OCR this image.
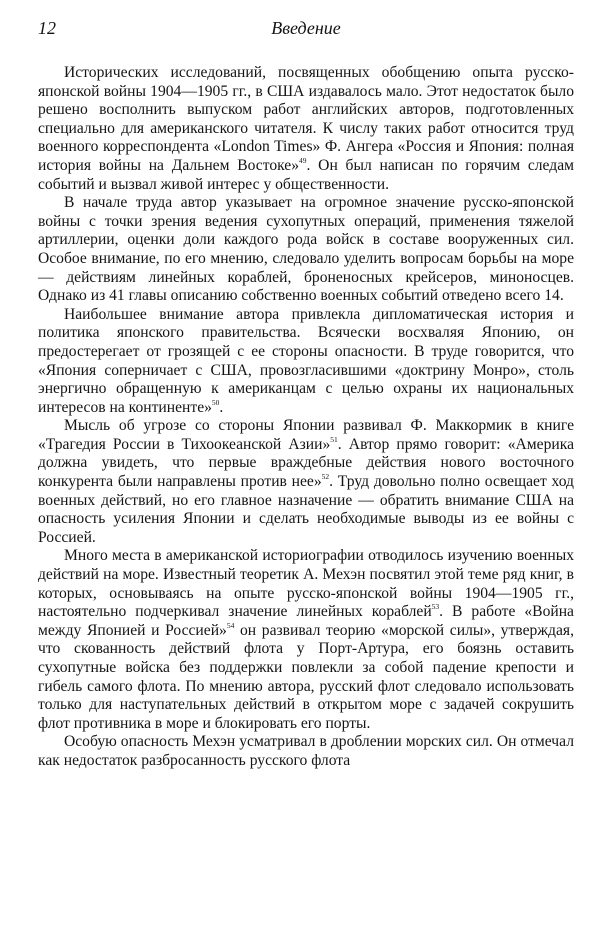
12	Введение

Исторических исследований, посвященных обобщению опыта русско-японской войны 1904—1905 гг., в США издавалось мало. Этот недостаток было решено восполнить выпуском работ английских авторов, подготовленных специально для американского читателя. К числу таких работ относится труд военного корреспондента «London Times» Ф. Ангера «Россия и Япония: полная история войны на Дальнем Востоке»$^{49}$. Он был написан по горячим следам событий и вызвал живой интерес у общественности.

В начале труда автор указывает на огромное значение русско-японской войны с точки зрения ведения сухопутных операций, применения тяжелой артиллерии, оценки доли каждого рода войск в составе вооруженных сил. Особое внимание, по его мнению, следовало уделить вопросам борьбы на море — действиям линейных кораблей, броненосных крейсеров, миноносцев. Однако из 41 главы описанию собственно военных событий отведено всего 14.

Наибольшее внимание автора привлекла дипломатическая история и политика японского правительства. Всячески восхваляя Японию, он предостерегает от грозящей с ее стороны опасности. В труде говорится, что «Япония соперничает с США, провозгласившими «доктрину Монро», столь энергично обращенную к американцам с целью охраны их национальных интересов на континенте»$^{50}$.

Мысль об угрозе со стороны Японии развивал Ф. Маккормик в книге «Трагедия России в Тихоокеанской Азии»$^{51}$. Автор прямо говорит: «Америка должна увидеть, что первые враждебные действия нового восточного конкурента были направлены против нее»$^{52}$. Труд довольно полно освещает ход военных действий, но его главное назначение — обратить внимание США на опасность усиления Японии и сделать необходимые выводы из ее войны с Россией.

Много места в американской историографии отводилось изучению военных действий на море. Известный теоретик А. Мехэн посвятил этой теме ряд книг, в которых, основываясь на опыте русско-японской войны 1904—1905 гг., настоятельно подчеркивал значение линейных кораблей$^{53}$. В работе «Война между Японией и Россией»$^{54}$ он развивал теорию «морской силы», утверждая, что скованность действий флота у Порт-Артура, его боязнь оставить сухопутные войска без поддержки повлекли за собой падение крепости и гибель самого флота. По мнению автора, русский флот следовало использовать только для наступательных действий в открытом море с задачей сокрушить флот противника в море и блокировать его порты.

Особую опасность Мехэн усматривал в дроблении морских сил. Он отмечал как недостаток разбросанность русского флота
